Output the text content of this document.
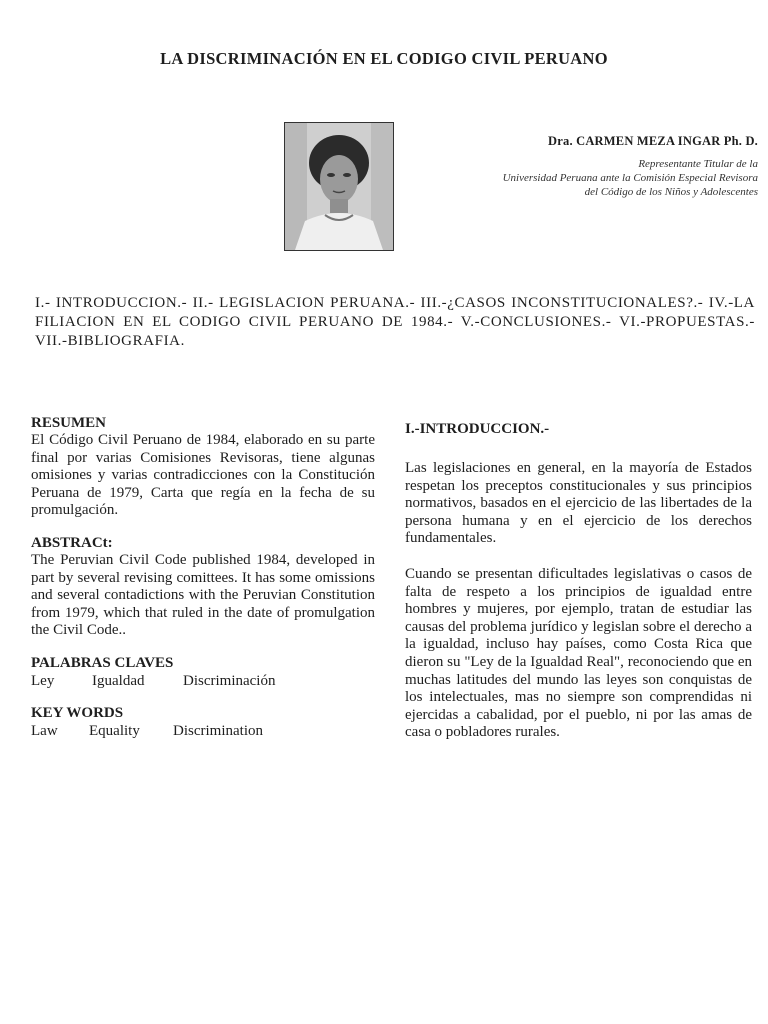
LA DISCRIMINACIÓN EN EL CODIGO CIVIL PERUANO
Dra. CARMEN MEZA INGAR Ph. D.
Representante Titular de la
Universidad Peruana ante la Comisión Especial Revisora
del Código de los Niños y Adolescentes
I.- INTRODUCCION.- II.- LEGISLACION PERUANA.- III.-¿CASOS INCONSTITUCIONALES?.- IV.-LA FILIACION EN EL CODIGO CIVIL PERUANO DE 1984.- V.-CONCLUSIONES.- VI.-PROPUESTAS.- VII.-BIBLIOGRAFIA.

RESUMEN

El Código Civil Peruano de 1984, elaborado en su parte final por varias Comisiones Revisoras, tiene algunas omisiones y varias contradicciones con la Constitución Peruana de 1979, Carta que regía en la fecha de su promulgación.

ABSTRACt:

The Peruvian Civil Code published 1984, developed in part by several revising comittees. It has some omissions and several contadictions with the Peruvian Constitution from 1979, which that ruled in the date of promulgation the Civil Code..

PALABRAS CLAVES

Ley	Igualdad	Discriminación

KEY WORDS

Law	Equality	Discrimination

I.-INTRODUCCION.-

Las legislaciones en general, en la mayoría de Estados respetan los preceptos constitucionales y sus principios normativos, basados en el ejercicio de las libertades de la persona humana y en el ejercicio de los derechos fundamentales.

Cuando se presentan dificultades legislativas o casos de falta de respeto a los principios de igualdad entre hombres y mujeres, por ejemplo, tratan de estudiar las causas del problema jurídico y legislan sobre el derecho a la igualdad, incluso hay países, como Costa Rica que dieron su "Ley de la Igualdad Real", reconociendo que en muchas latitudes del mundo las leyes son conquistas de los intelectuales, mas no siempre son comprendidas ni ejercidas a cabalidad, por el pueblo, ni por las amas de casa o pobladores rurales.
